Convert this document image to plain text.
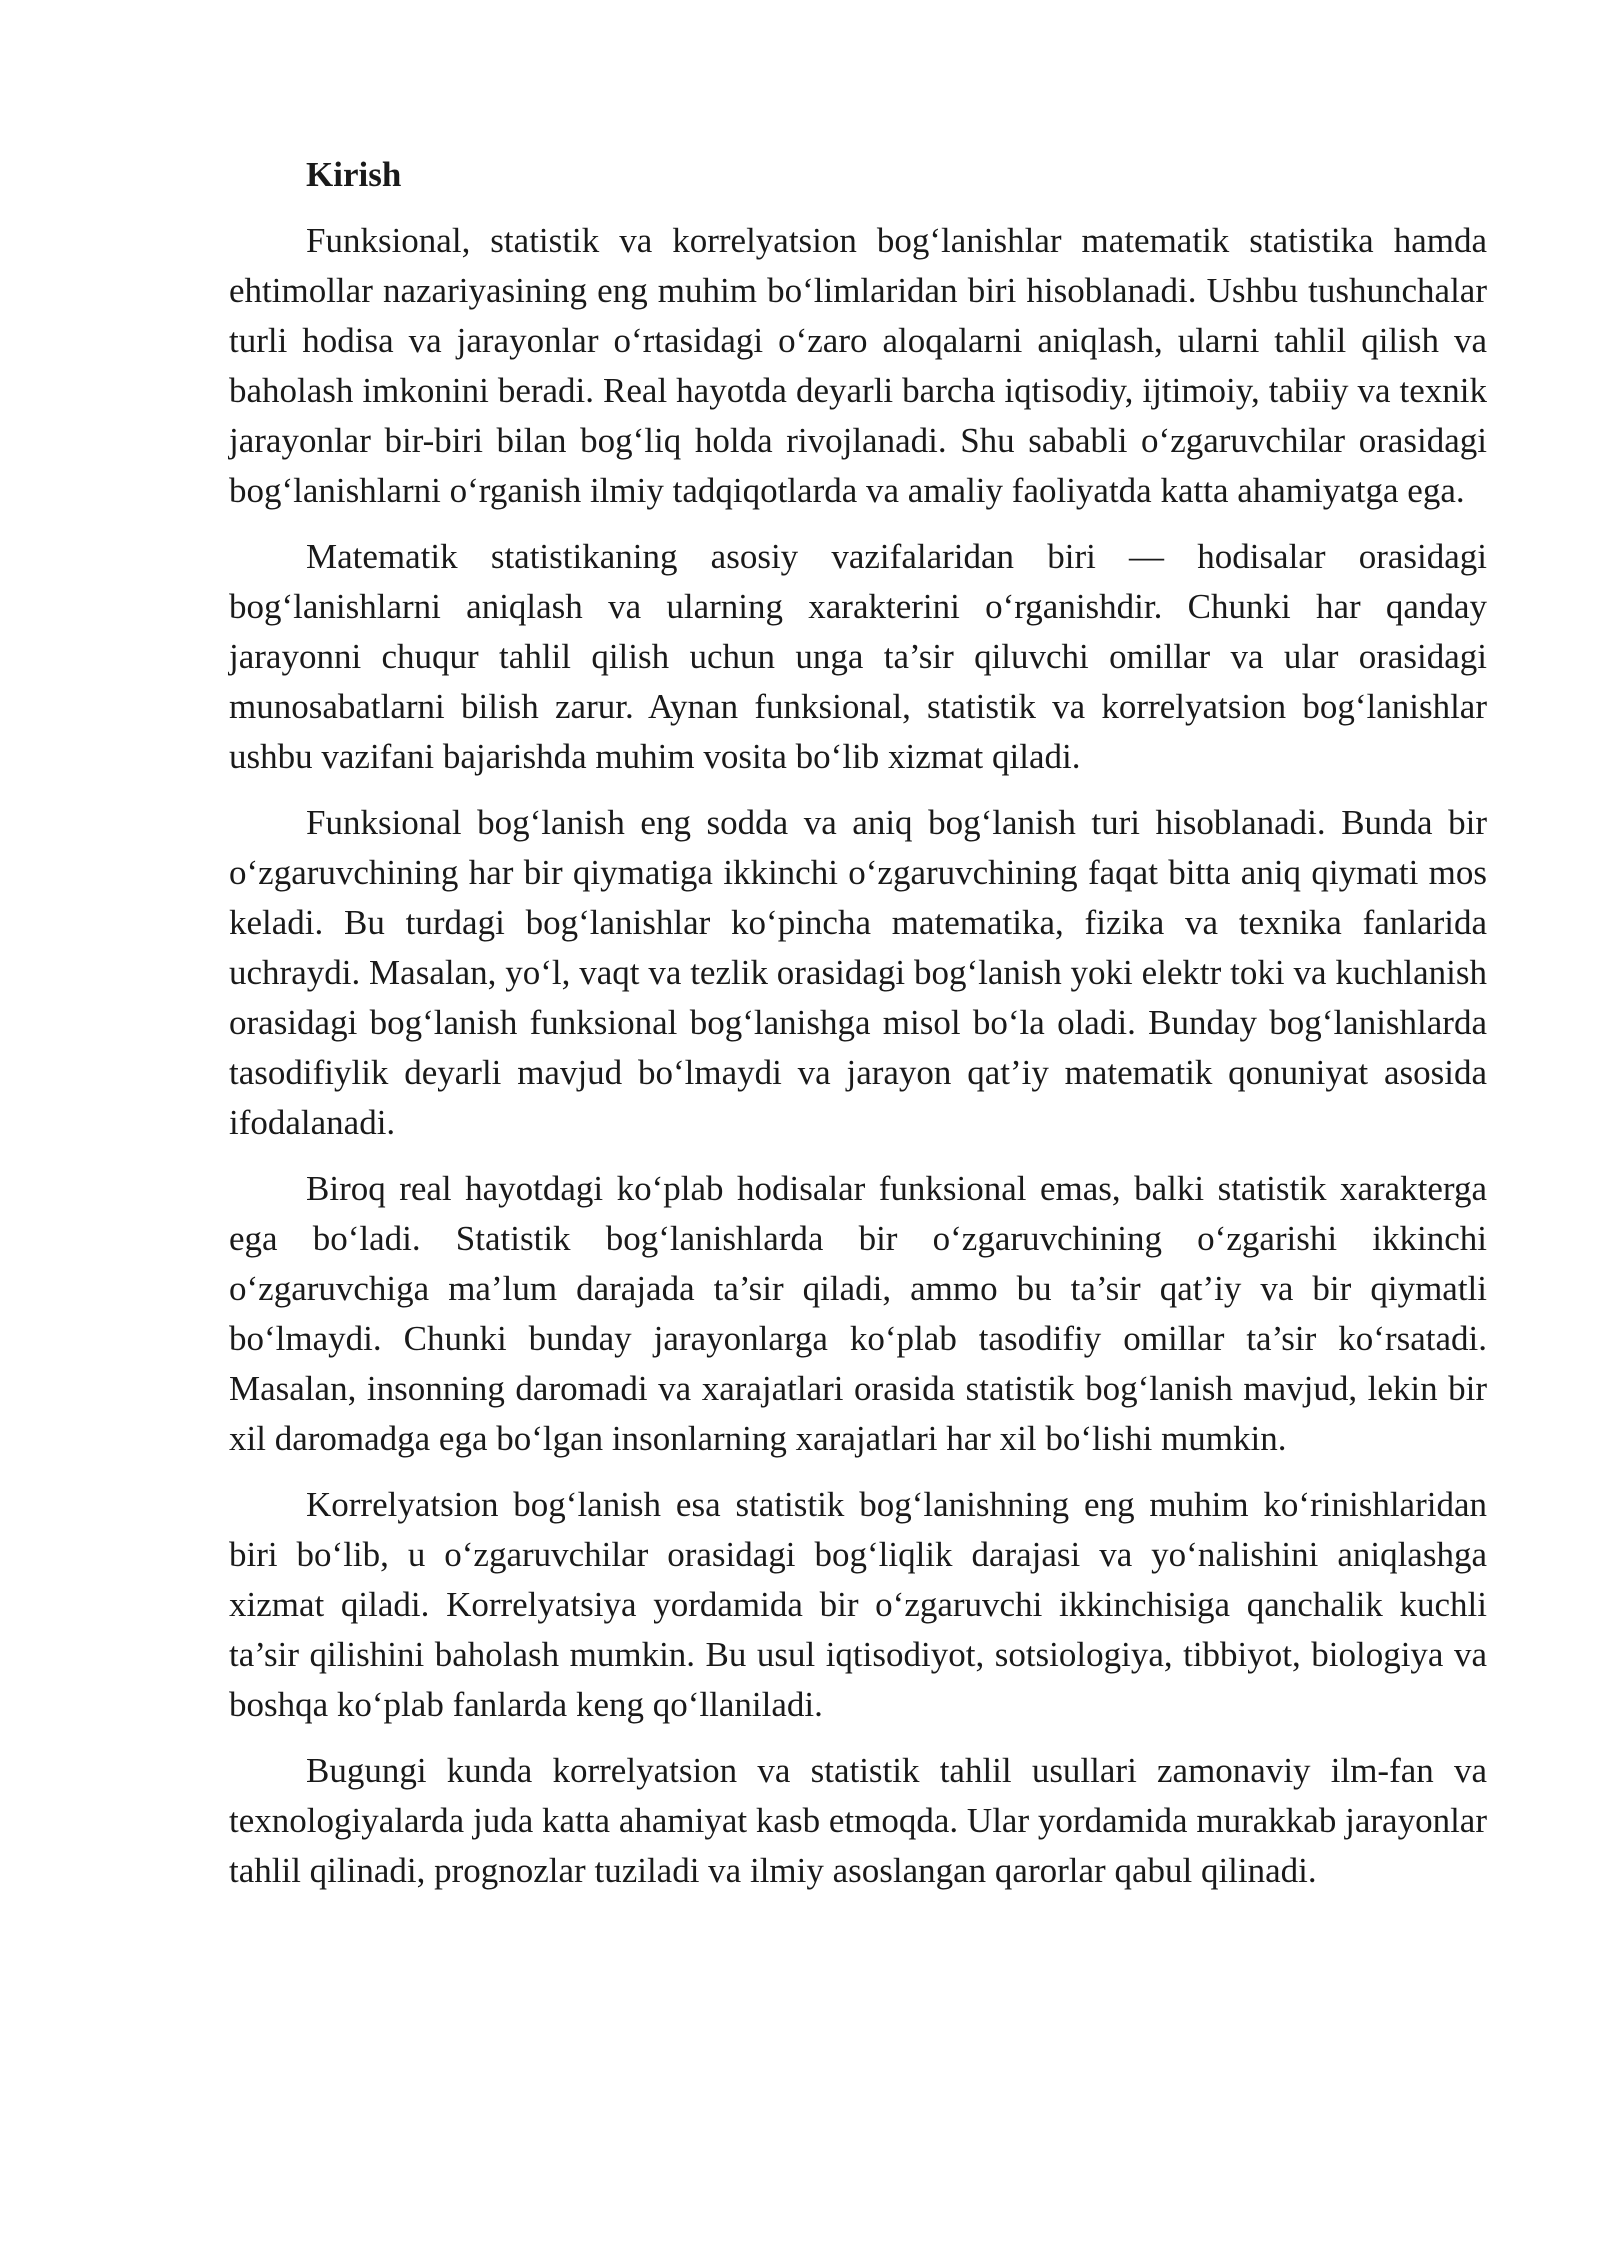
Kirish

Funksional, statistik va korrelyatsion bog‘lanishlar matematik statistika hamda ehtimollar nazariyasining eng muhim bo‘limlaridan biri hisoblanadi. Ushbu tushunchalar turli hodisa va jarayonlar o‘rtasidagi o‘zaro aloqalarni aniqlash, ularni tahlil qilish va baholash imkonini beradi. Real hayotda deyarli barcha iqtisodiy, ijtimoiy, tabiiy va texnik jarayonlar bir-biri bilan bog‘liq holda rivojlanadi. Shu sababli o‘zgaruvchilar orasidagi bog‘lanishlarni o‘rganish ilmiy tadqiqotlarda va amaliy faoliyatda katta ahamiyatga ega.

Matematik statistikaning asosiy vazifalaridan biri — hodisalar orasidagi bog‘lanishlarni aniqlash va ularning xarakterini o‘rganishdir. Chunki har qanday jarayonni chuqur tahlil qilish uchun unga ta’sir qiluvchi omillar va ular orasidagi munosabatlarni bilish zarur. Aynan funksional, statistik va korrelyatsion bog‘lanishlar ushbu vazifani bajarishda muhim vosita bo‘lib xizmat qiladi.

Funksional bog‘lanish eng sodda va aniq bog‘lanish turi hisoblanadi. Bunda bir o‘zgaruvchining har bir qiymatiga ikkinchi o‘zgaruvchining faqat bitta aniq qiymati mos keladi. Bu turdagi bog‘lanishlar ko‘pincha matematika, fizika va texnika fanlarida uchraydi. Masalan, yo‘l, vaqt va tezlik orasidagi bog‘lanish yoki elektr toki va kuchlanish orasidagi bog‘lanish funksional bog‘lanishga misol bo‘la oladi. Bunday bog‘lanishlarda tasodifiylik deyarli mavjud bo‘lmaydi va jarayon qat’iy matematik qonuniyat asosida ifodalanadi.

Biroq real hayotdagi ko‘plab hodisalar funksional emas, balki statistik xarakterga ega bo‘ladi. Statistik bog‘lanishlarda bir o‘zgaruvchining o‘zgarishi ikkinchi o‘zgaruvchiga ma’lum darajada ta’sir qiladi, ammo bu ta’sir qat’iy va bir qiymatli bo‘lmaydi. Chunki bunday jarayonlarga ko‘plab tasodifiy omillar ta’sir ko‘rsatadi. Masalan, insonning daromadi va xarajatlari orasida statistik bog‘lanish mavjud, lekin bir xil daromadga ega bo‘lgan insonlarning xarajatlari har xil bo‘lishi mumkin.

Korrelyatsion bog‘lanish esa statistik bog‘lanishning eng muhim ko‘rinishlaridan biri bo‘lib, u o‘zgaruvchilar orasidagi bog‘liqlik darajasi va yo‘nalishini aniqlashga xizmat qiladi. Korrelyatsiya yordamida bir o‘zgaruvchi ikkinchisiga qanchalik kuchli ta’sir qilishini baholash mumkin. Bu usul iqtisodiyot, sotsiologiya, tibbiyot, biologiya va boshqa ko‘plab fanlarda keng qo‘llaniladi.

Bugungi kunda korrelyatsion va statistik tahlil usullari zamonaviy ilm-fan va texnologiyalarda juda katta ahamiyat kasb etmoqda. Ular yordamida murakkab jarayonlar tahlil qilinadi, prognozlar tuziladi va ilmiy asoslangan qarorlar qabul qilinadi.
